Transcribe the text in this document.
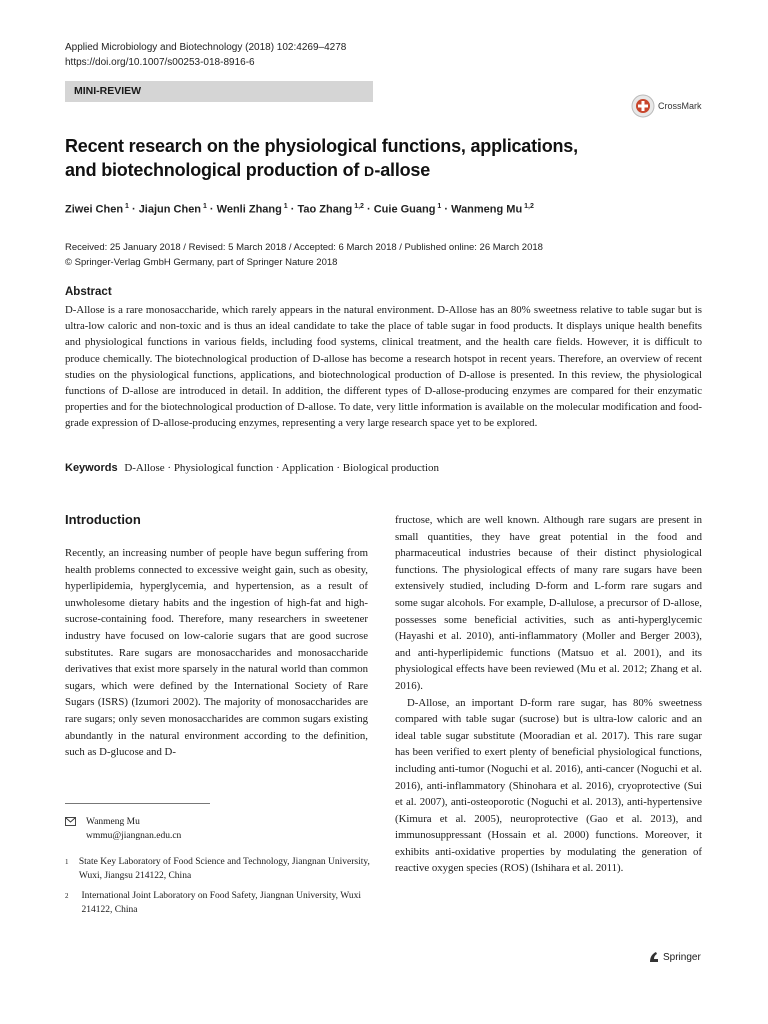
Applied Microbiology and Biotechnology (2018) 102:4269–4278
https://doi.org/10.1007/s00253-018-8916-6
MINI-REVIEW
CrossMark
Recent research on the physiological functions, applications,
and biotechnological production of D-allose
Ziwei Chen $^1$ · Jiajun Chen $^1$ · Wenli Zhang $^1$ · Tao Zhang $^{1,2}$ · Cuie Guang $^1$ · Wanmeng Mu $^{1,2}$
Received: 25 January 2018 / Revised: 5 March 2018 / Accepted: 6 March 2018 / Published online: 26 March 2018
© Springer-Verlag GmbH Germany, part of Springer Nature 2018
Abstract
D-Allose is a rare monosaccharide, which rarely appears in the natural environment. D-Allose has an 80% sweetness relative to table sugar but is ultra-low caloric and non-toxic and is thus an ideal candidate to take the place of table sugar in food products. It displays unique health benefits and physiological functions in various fields, including food systems, clinical treatment, and the health care fields. However, it is difficult to produce chemically. The biotechnological production of D-allose has become a research hotspot in recent years. Therefore, an overview of recent studies on the physiological functions, applications, and biotechnological production of D-allose is presented. In this review, the physiological functions of D-allose are introduced in detail. In addition, the different types of D-allose-producing enzymes are compared for their enzymatic properties and for the biotechnological production of D-allose. To date, very little information is available on the molecular modification and food-grade expression of D-allose-producing enzymes, representing a very large research space yet to be explored.
Keywords D-Allose · Physiological function · Application · Biological production
Introduction
Recently, an increasing number of people have begun suffering from health problems connected to excessive weight gain, such as obesity, hyperlipidemia, hyperglycemia, and hypertension, as a result of unwholesome dietary habits and the ingestion of high-fat and high-sucrose-containing food. Therefore, many researchers in sweetener industry have focused on low-calorie sugars that are good sucrose substitutes. Rare sugars are monosaccharides and monosaccharide derivatives that exist more sparsely in the natural world than common sugars, which were defined by the International Society of Rare Sugars (ISRS) (Izumori 2002). The majority of monosaccharides are rare sugars; only seven monosaccharides are common sugars existing abundantly in the natural environment according to the definition, such as D-glucose and D-

fructose, which are well known. Although rare sugars are present in small quantities, they have great potential in the food and pharmaceutical industries because of their distinct physiological functions. The physiological effects of many rare sugars have been extensively studied, including D-form and L-form rare sugars and some sugar alcohols. For example, D-allulose, a precursor of D-allose, possesses some beneficial activities, such as anti-hyperglycemic (Hayashi et al. 2010), anti-inflammatory (Moller and Berger 2003), and anti-hyperlipidemic functions (Matsuo et al. 2001), and its physiological effects have been reviewed (Mu et al. 2012; Zhang et al. 2016).

D-Allose, an important D-form rare sugar, has 80% sweetness compared with table sugar (sucrose) but is ultra-low caloric and an ideal table sugar substitute (Mooradian et al. 2017). This rare sugar has been verified to exert plenty of beneficial physiological functions, including anti-tumor (Noguchi et al. 2016), anti-cancer (Noguchi et al. 2016), anti-inflammatory (Shinohara et al. 2016), cryoprotective (Sui et al. 2007), anti-osteoporotic (Noguchi et al. 2013), anti-hypertensive (Kimura et al. 2005), neuroprotective (Gao et al. 2013), and immunosuppressant (Hossain et al. 2000) functions. Moreover, it exhibits anti-oxidative properties by modulating the generation of reactive oxygen species (ROS) (Ishihara et al. 2011).

Wanmeng Mu
wmmu@jiangnan.edu.cn
1	State Key Laboratory of Food Science and Technology, Jiangnan University, Wuxi, Jiangsu 214122, China
2	International Joint Laboratory on Food Safety, Jiangnan University, Wuxi 214122, China
Springer
